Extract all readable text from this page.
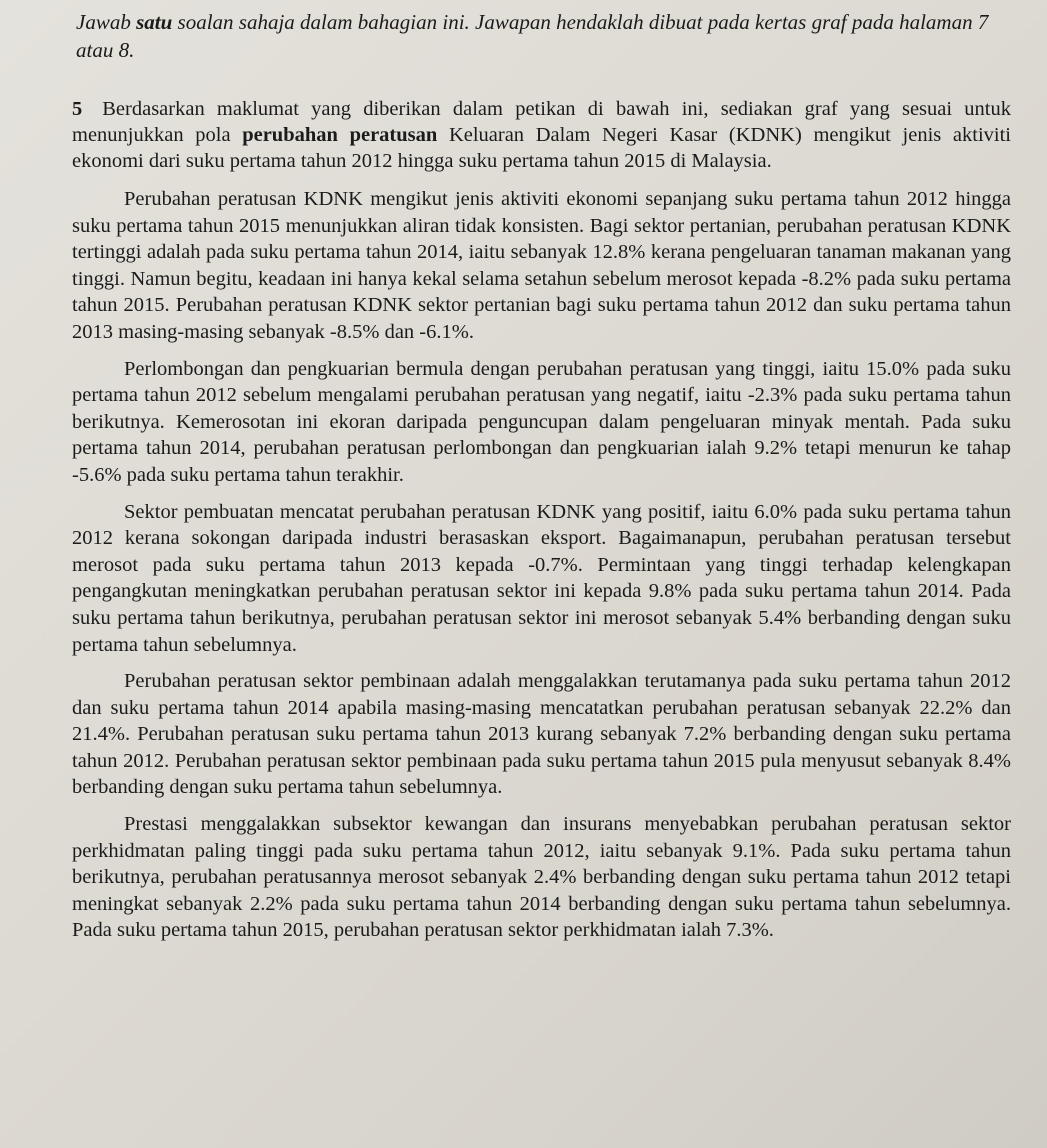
Jawab satu soalan sahaja dalam bahagian ini. Jawapan hendaklah dibuat pada kertas graf pada halaman 7 atau 8.

5 Berdasarkan maklumat yang diberikan dalam petikan di bawah ini, sediakan graf yang sesuai untuk menunjukkan pola perubahan peratusan Keluaran Dalam Negeri Kasar (KDNK) mengikut jenis aktiviti ekonomi dari suku pertama tahun 2012 hingga suku pertama tahun 2015 di Malaysia.

Perubahan peratusan KDNK mengikut jenis aktiviti ekonomi sepanjang suku pertama tahun 2012 hingga suku pertama tahun 2015 menunjukkan aliran tidak konsisten. Bagi sektor pertanian, perubahan peratusan KDNK tertinggi adalah pada suku pertama tahun 2014, iaitu sebanyak 12.8% kerana pengeluaran tanaman makanan yang tinggi. Namun begitu, keadaan ini hanya kekal selama setahun sebelum merosot kepada -8.2% pada suku pertama tahun 2015. Perubahan peratusan KDNK sektor pertanian bagi suku pertama tahun 2012 dan suku pertama tahun 2013 masing-masing sebanyak -8.5% dan -6.1%.

Perlombongan dan pengkuarian bermula dengan perubahan peratusan yang tinggi, iaitu 15.0% pada suku pertama tahun 2012 sebelum mengalami perubahan peratusan yang negatif, iaitu -2.3% pada suku pertama tahun berikutnya. Kemerosotan ini ekoran daripada penguncupan dalam pengeluaran minyak mentah. Pada suku pertama tahun 2014, perubahan peratusan perlombongan dan pengkuarian ialah 9.2% tetapi menurun ke tahap -5.6% pada suku pertama tahun terakhir.

Sektor pembuatan mencatat perubahan peratusan KDNK yang positif, iaitu 6.0% pada suku pertama tahun 2012 kerana sokongan daripada industri berasaskan eksport. Bagaimanapun, perubahan peratusan tersebut merosot pada suku pertama tahun 2013 kepada -0.7%. Permintaan yang tinggi terhadap kelengkapan pengangkutan meningkatkan perubahan peratusan sektor ini kepada 9.8% pada suku pertama tahun 2014. Pada suku pertama tahun berikutnya, perubahan peratusan sektor ini merosot sebanyak 5.4% berbanding dengan suku pertama tahun sebelumnya.

Perubahan peratusan sektor pembinaan adalah menggalakkan terutamanya pada suku pertama tahun 2012 dan suku pertama tahun 2014 apabila masing-masing mencatatkan perubahan peratusan sebanyak 22.2% dan 21.4%. Perubahan peratusan suku pertama tahun 2013 kurang sebanyak 7.2% berbanding dengan suku pertama tahun 2012. Perubahan peratusan sektor pembinaan pada suku pertama tahun 2015 pula menyusut sebanyak 8.4% berbanding dengan suku pertama tahun sebelumnya.

Prestasi menggalakkan subsektor kewangan dan insurans menyebabkan perubahan peratusan sektor perkhidmatan paling tinggi pada suku pertama tahun 2012, iaitu sebanyak 9.1%. Pada suku pertama tahun berikutnya, perubahan peratusannya merosot sebanyak 2.4% berbanding dengan suku pertama tahun 2012 tetapi meningkat sebanyak 2.2% pada suku pertama tahun 2014 berbanding dengan suku pertama tahun sebelumnya. Pada suku pertama tahun 2015, perubahan peratusan sektor perkhidmatan ialah 7.3%.
